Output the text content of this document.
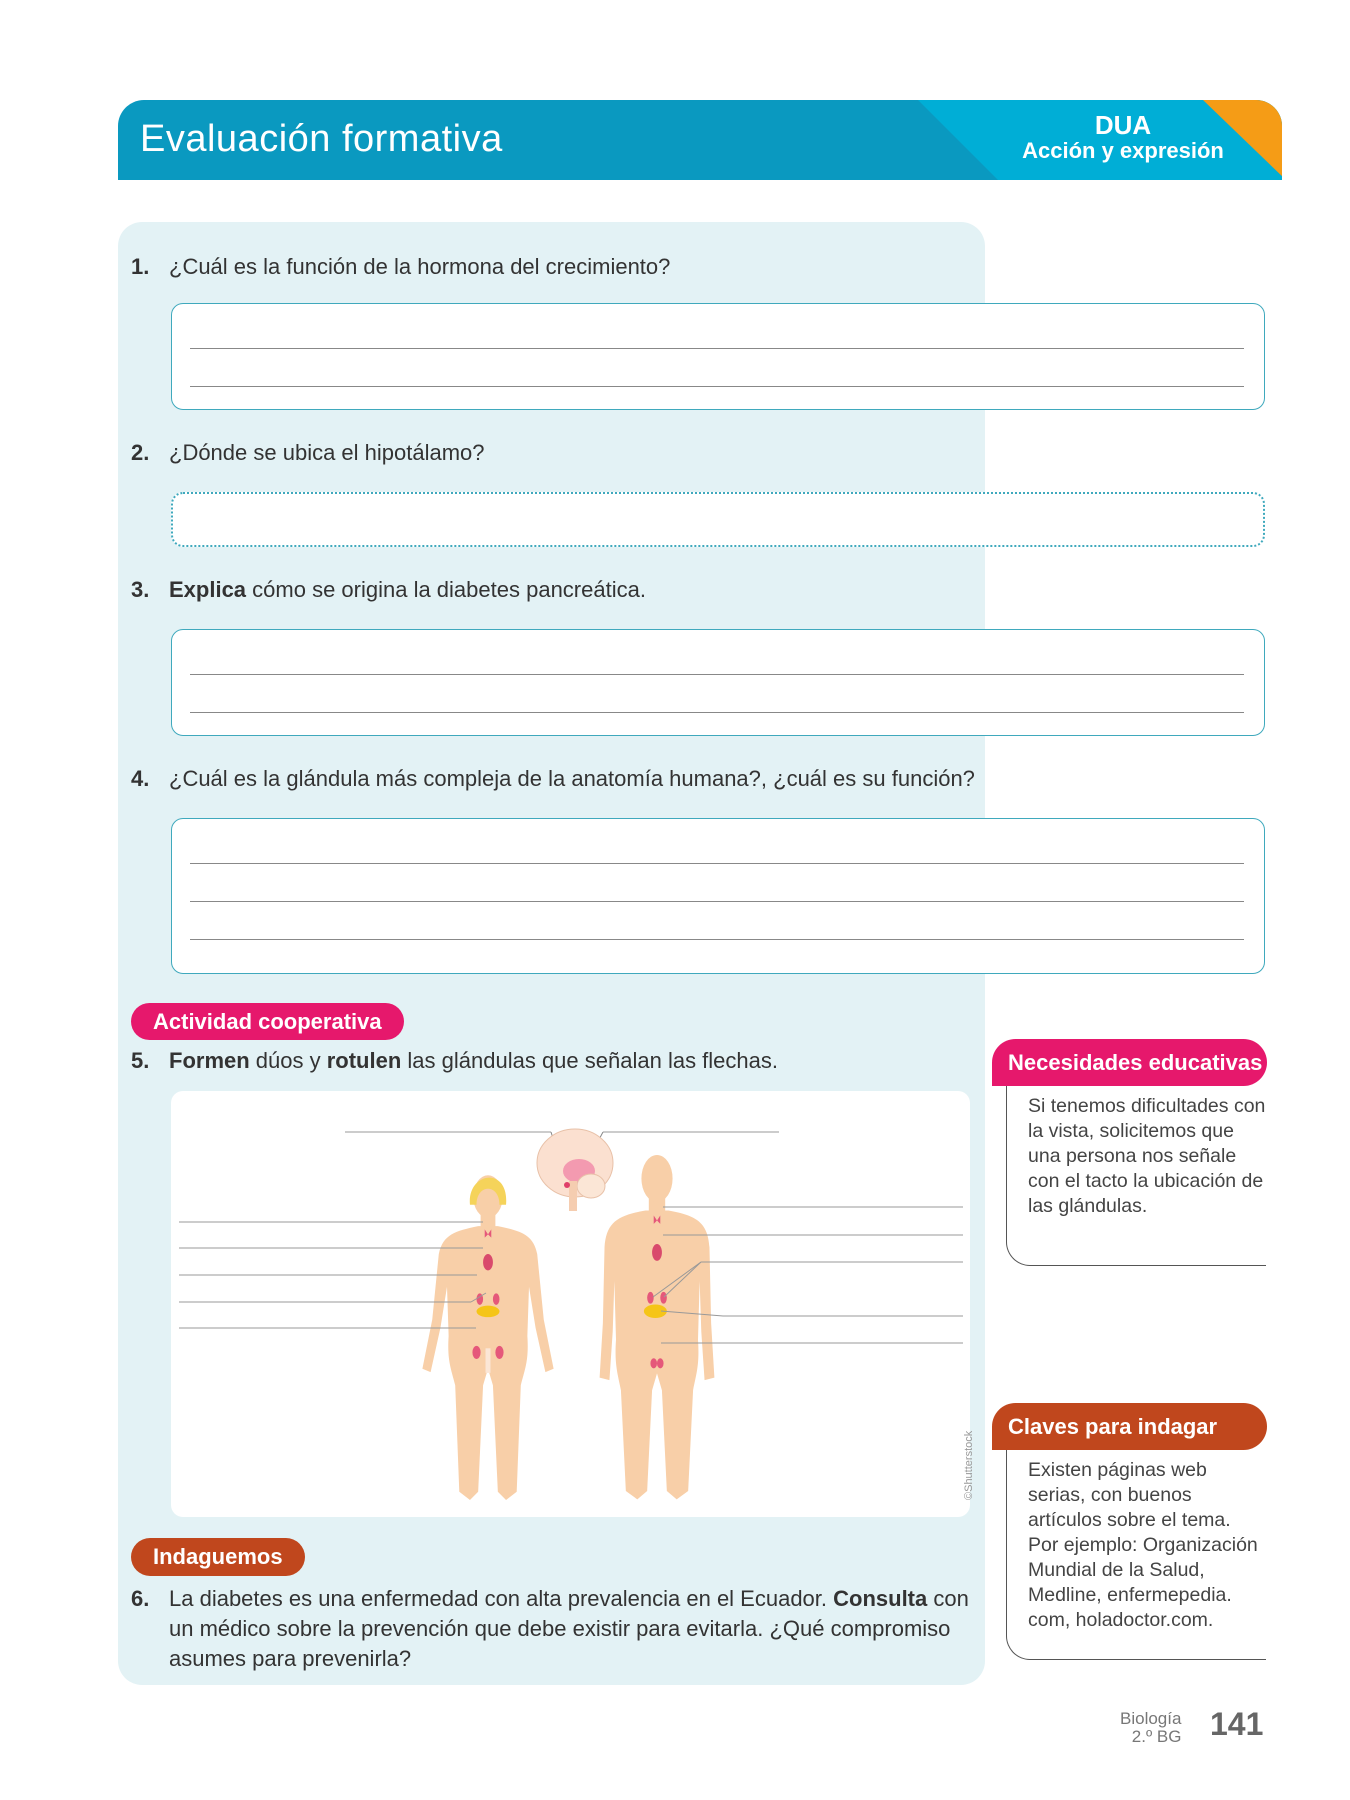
Evaluación formativa	DUA
Acción y expresión
1. ¿Cuál es la función de la hormona del crecimiento?
2. ¿Dónde se ubica el hipotálamo?
3. Explica cómo se origina la diabetes pancreática.
4. ¿Cuál es la glándula más compleja de la anatomía humana?, ¿cuál es su función?
Actividad cooperativa
5. Formen dúos y rotulen las glándulas que señalan las flechas.
©Shutterstock
Indaguemos
6. La diabetes es una enfermedad con alta prevalencia en el Ecuador. Consulta con un médico sobre la prevención que debe existir para evitarla. ¿Qué compromiso asumes para prevenirla?
Necesidades educativas
Si tenemos dificultades con la vista, solicitemos que una persona nos señale con el tacto la ubicación de las glándulas.
Claves para indagar
Existen páginas web serias, con buenos artículos sobre el tema. Por ejemplo: Organización Mundial de la Salud, Medline, enfermepedia. com, holadoctor.com.
Biología
2.º BG 141
